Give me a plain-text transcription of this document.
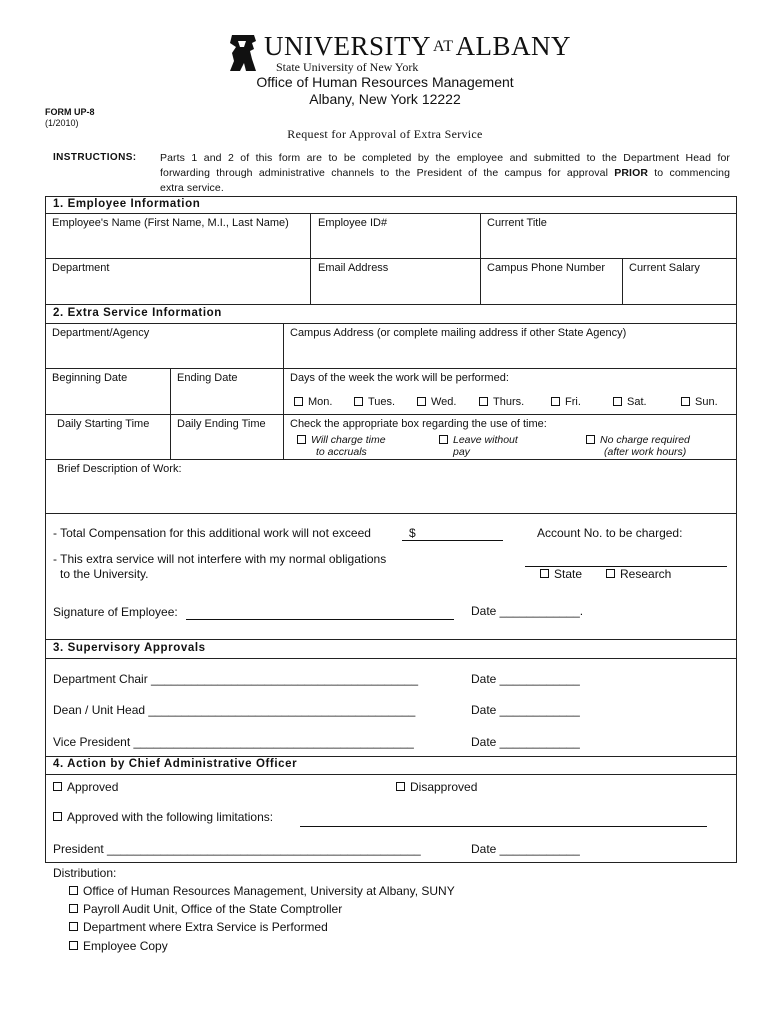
UNIVERSITY ATALBANY
State University of New York
Office of Human Resources Management
Albany, New York 12222
FORM UP-8
(1/2010)
Request for Approval of Extra Service
INSTRUCTIONS: Parts 1 and 2 of this form are to be completed by the employee and submitted to the Department Head for
forwarding through administrative channels to the President of the campus for approval PRIOR to commencing
extra service.
1. Employee Information
Employee's Name (First Name, M.I., Last Name)	Employee ID#	Current Title
Department	Email Address	Campus Phone Number Current Salary
2. Extra Service Information
Department/Agency	Campus Address (or complete mailing address if other State Agency)
Beginning Date	Ending Date	Days of the week the work will be performed:
Mon.	Tues.	Wed.	Thurs.	Fri.	Sat.	Sun.
Daily Starting Time	Daily Ending Time Check the appropriate box regarding the use of time:
Will charge time
to accruals
Leave without
pay
No charge required
(after work hours)
Brief Description of Work:
- Total Compensation for this additional work will not exceed	$	Account No. to be charged:
- This extra service will not interfere with my normal obligations
to the University.	State	Research
Signature of Employee:	Date ____________.
3. Supervisory Approvals
Department Chair ________________________________________	Date ____________
Dean / Unit Head ________________________________________	Date ____________
Vice President __________________________________________	Date ____________
4. Action by Chief Administrative Officer
Approved	Disapproved
Approved with the following limitations:
President _______________________________________________	Date ____________
Distribution:
Office of Human Resources Management, University at Albany, SUNY
Payroll Audit Unit, Office of the State Comptroller
Department where Extra Service is Performed
Employee Copy
